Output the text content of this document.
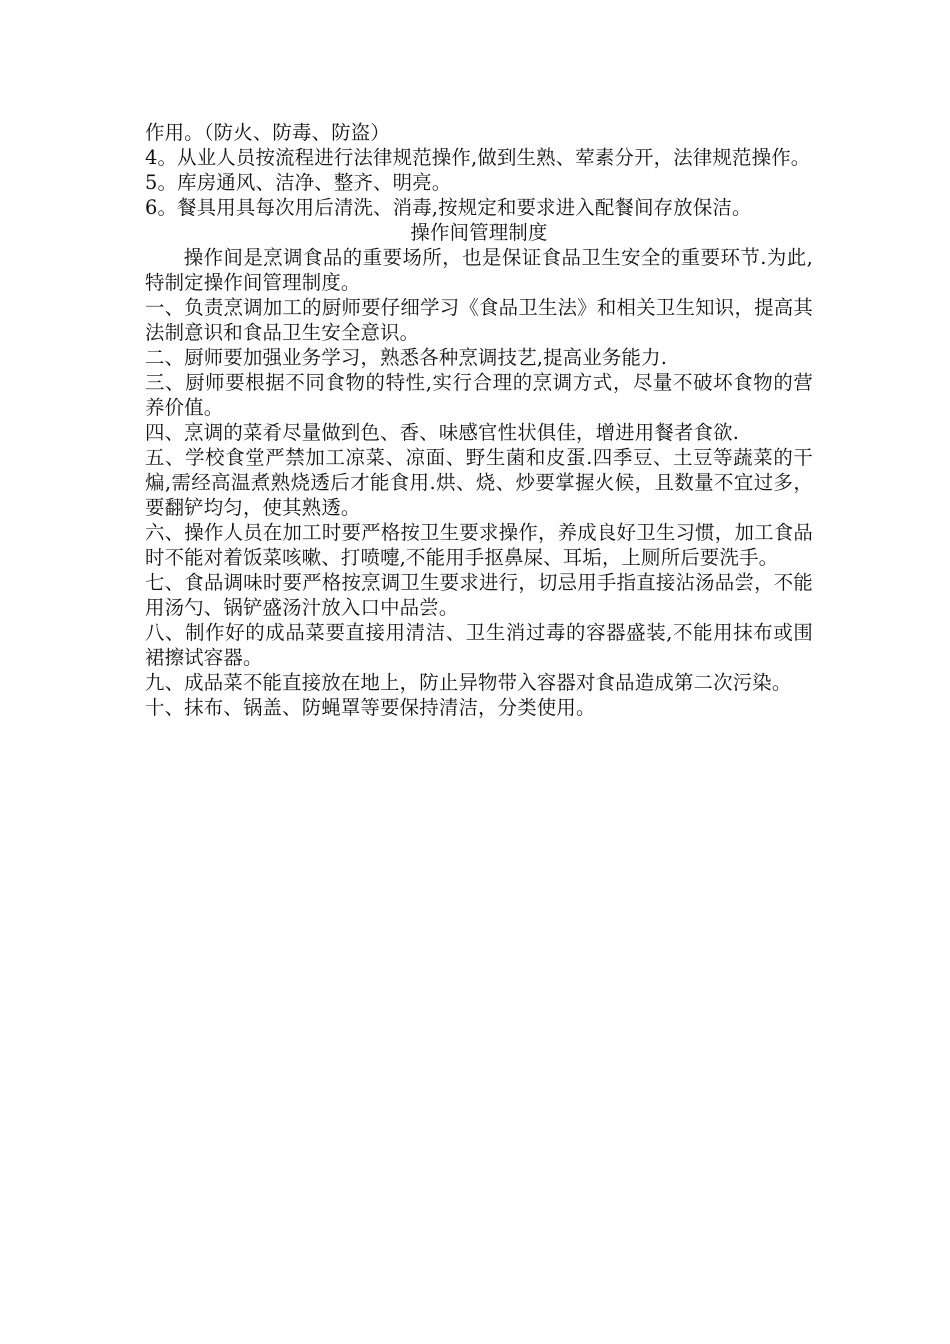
作用。（防火、防毒、防盗）

4。从业人员按流程进行法律规范操作,做到生熟、荤素分开，法律规范操作。

5。库房通风、洁净、整齐、明亮。

6。餐具用具每次用后清洗、消毒,按规定和要求进入配餐间存放保洁。

操作间管理制度

操作间是烹调食品的重要场所，也是保证食品卫生安全的重要环节.为此,特制定操作间管理制度。

一、负责烹调加工的厨师要仔细学习《食品卫生法》和相关卫生知识，提高其法制意识和食品卫生安全意识。

二、厨师要加强业务学习，熟悉各种烹调技艺,提高业务能力.

三、厨师要根据不同食物的特性,实行合理的烹调方式，尽量不破坏食物的营养价值。

四、烹调的菜肴尽量做到色、香、味感官性状俱佳，增进用餐者食欲.

五、学校食堂严禁加工凉菜、凉面、野生菌和皮蛋.四季豆、土豆等蔬菜的干煸,需经高温煮熟烧透后才能食用.烘、烧、炒要掌握火候，且数量不宜过多，要翻铲均匀，使其熟透。

六、操作人员在加工时要严格按卫生要求操作，养成良好卫生习惯，加工食品时不能对着饭菜咳嗽、打喷嚏,不能用手抠鼻屎、耳垢，上厕所后要洗手。

七、食品调味时要严格按烹调卫生要求进行，切忌用手指直接沾汤品尝，不能用汤勺、锅铲盛汤汁放入口中品尝。

八、制作好的成品菜要直接用清洁、卫生消过毒的容器盛装,不能用抹布或围裙擦试容器。

九、成品菜不能直接放在地上，防止异物带入容器对食品造成第二次污染。

十、抹布、锅盖、防蝇罩等要保持清洁，分类使用。
